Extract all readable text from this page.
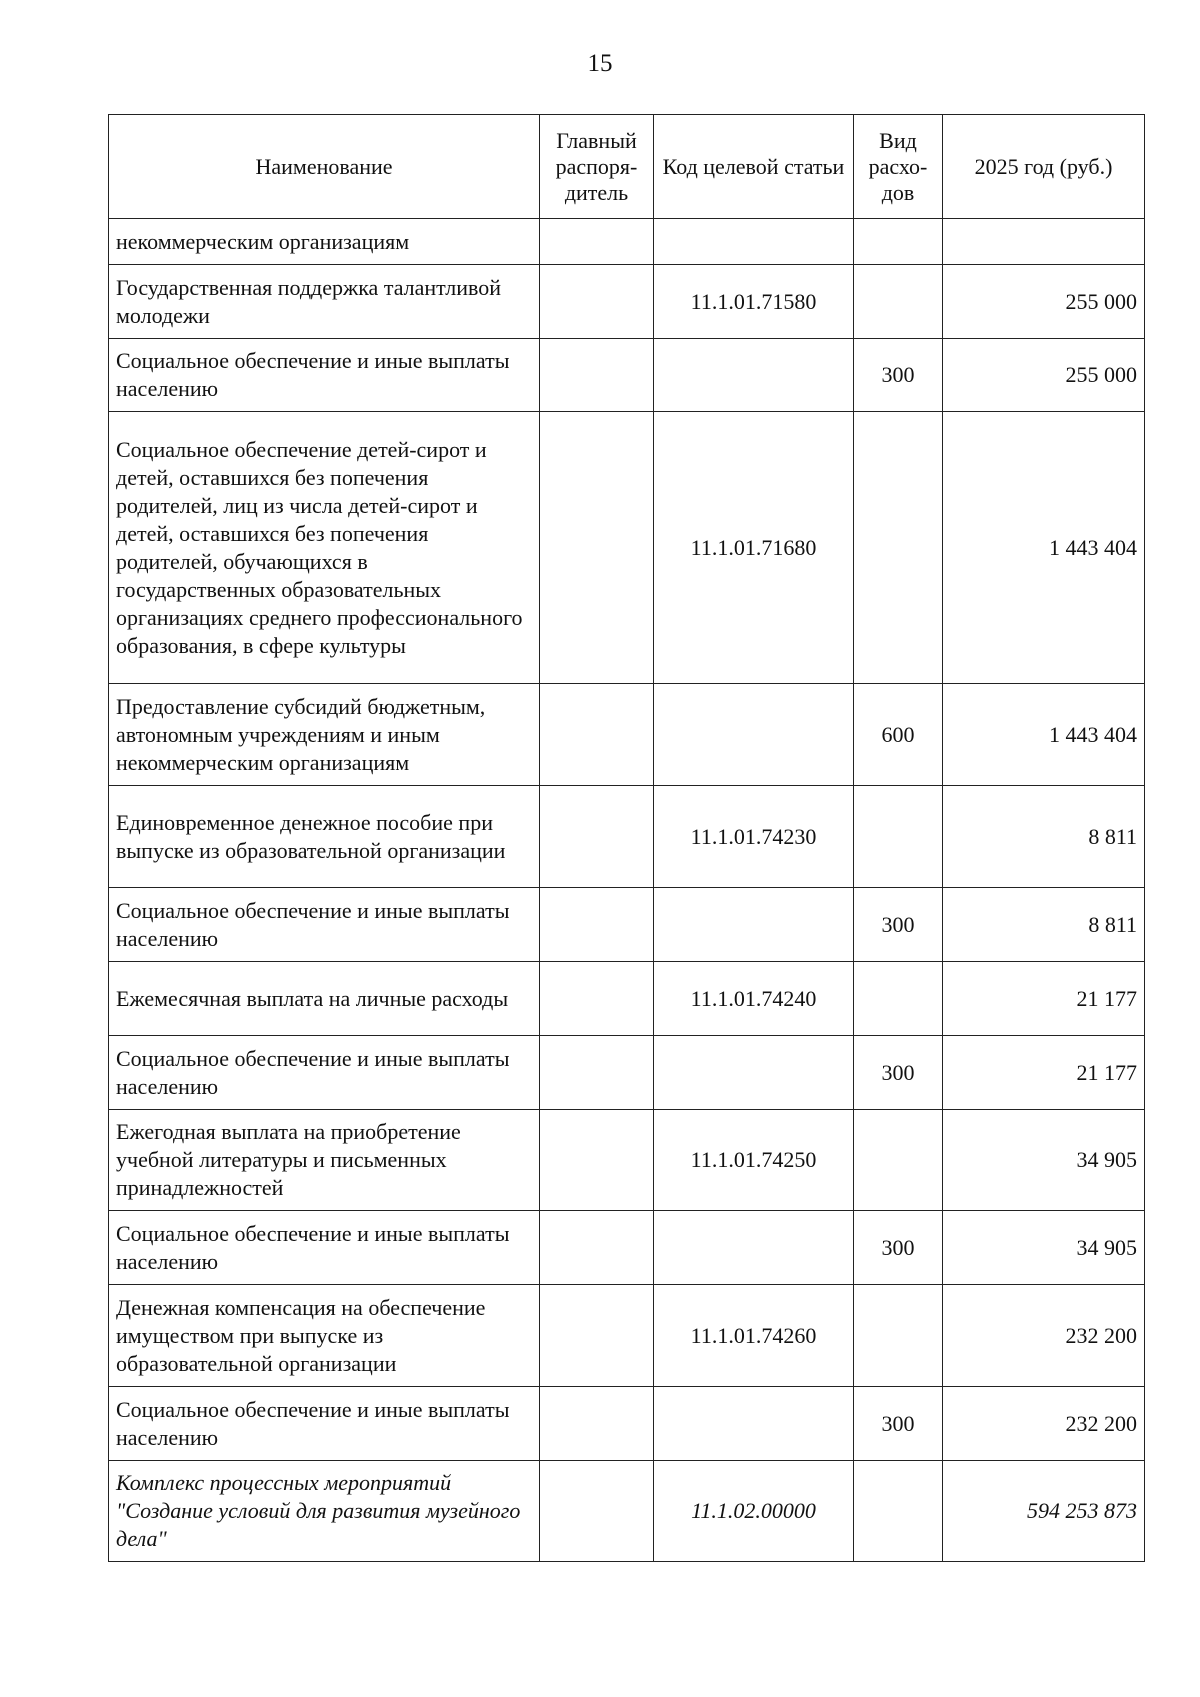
15
Наименование	Главный распоря-дитель	Код целевой статьи	Вид расхо-дов	2025 год (руб.)
некоммерческим организациям				
Государственная поддержка талантливой молодежи		11.1.01.71580		255 000
Социальное обеспечение и иные выплаты населению			300	255 000
Социальное обеспечение детей-сирот и детей, оставшихся без попечения родителей, лиц из числа детей-сирот и детей, оставшихся без попечения родителей, обучающихся в государственных образовательных организациях среднего профессионального образования, в сфере культуры		11.1.01.71680		1 443 404
Предоставление субсидий бюджетным, автономным учреждениям и иным некоммерческим организациям			600	1 443 404
Единовременное денежное пособие при выпуске из образовательной организации		11.1.01.74230		8 811
Социальное обеспечение и иные выплаты населению			300	8 811
Ежемесячная выплата на личные расходы		11.1.01.74240		21 177
Социальное обеспечение и иные выплаты населению			300	21 177
Ежегодная выплата на приобретение учебной литературы и письменных принадлежностей		11.1.01.74250		34 905
Социальное обеспечение и иные выплаты населению			300	34 905
Денежная компенсация на обеспечение имуществом при выпуске из образовательной организации		11.1.01.74260		232 200
Социальное обеспечение и иные выплаты населению			300	232 200
Комплекс процессных мероприятий "Создание условий для развития музейного дела"		11.1.02.00000		594 253 873
